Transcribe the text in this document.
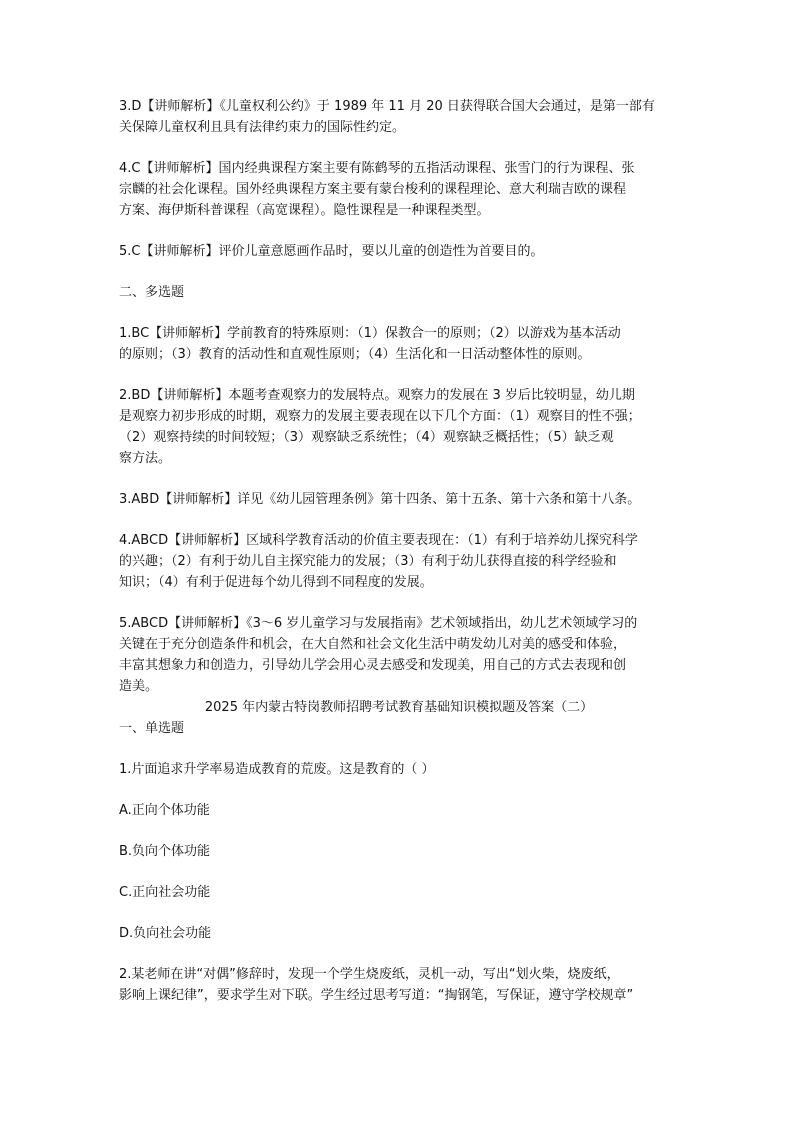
3.D【讲师解析】《儿童权利公约》于 1989 年 11 月 20 日获得联合国大会通过，是第一部有
关保障儿童权利且具有法律约束力的国际性约定。

4.C【讲师解析】国内经典课程方案主要有陈鹤琴的五指活动课程、张雪门的行为课程、张
宗麟的社会化课程。国外经典课程方案主要有蒙台梭利的课程理论、意大利瑞吉欧的课程
方案、海伊斯科普课程（高宽课程）。隐性课程是一种课程类型。

5.C【讲师解析】评价儿童意愿画作品时，要以儿童的创造性为首要目的。

二、多选题

1.BC【讲师解析】学前教育的特殊原则：（1）保教合一的原则；（2）以游戏为基本活动
的原则；（3）教育的活动性和直观性原则；（4）生活化和一日活动整体性的原则。

2.BD【讲师解析】本题考查观察力的发展特点。观察力的发展在 3 岁后比较明显，幼儿期
是观察力初步形成的时期，观察力的发展主要表现在以下几个方面：（1）观察目的性不强；
（2）观察持续的时间较短；（3）观察缺乏系统性；（4）观察缺乏概括性；（5）缺乏观
察方法。

3.ABD【讲师解析】详见《幼儿园管理条例》第十四条、第十五条、第十六条和第十八条。

4.ABCD【讲师解析】区域科学教育活动的价值主要表现在：（1）有利于培养幼儿探究科学
的兴趣；（2）有利于幼儿自主探究能力的发展；（3）有利于幼儿获得直接的科学经验和
知识；（4）有利于促进每个幼儿得到不同程度的发展。

5.ABCD【讲师解析】《3～6 岁儿童学习与发展指南》艺术领域指出，幼儿艺术领域学习的
关键在于充分创造条件和机会，在大自然和社会文化生活中萌发幼儿对美的感受和体验，
丰富其想象力和创造力，引导幼儿学会用心灵去感受和发现美，用自己的方式去表现和创
造美。

2025 年内蒙古特岗教师招聘考试教育基础知识模拟题及答案（二）

一、单选题

1.片面追求升学率易造成教育的荒废。这是教育的（ ）

A.正向个体功能

B.负向个体功能

C.正向社会功能

D.负向社会功能

2.某老师在讲“对偶”修辞时，发现一个学生烧废纸，灵机一动，写出“划火柴，烧废纸，
影响上课纪律”，要求学生对下联。学生经过思考写道：“掏钢笔，写保证，遵守学校规章”
